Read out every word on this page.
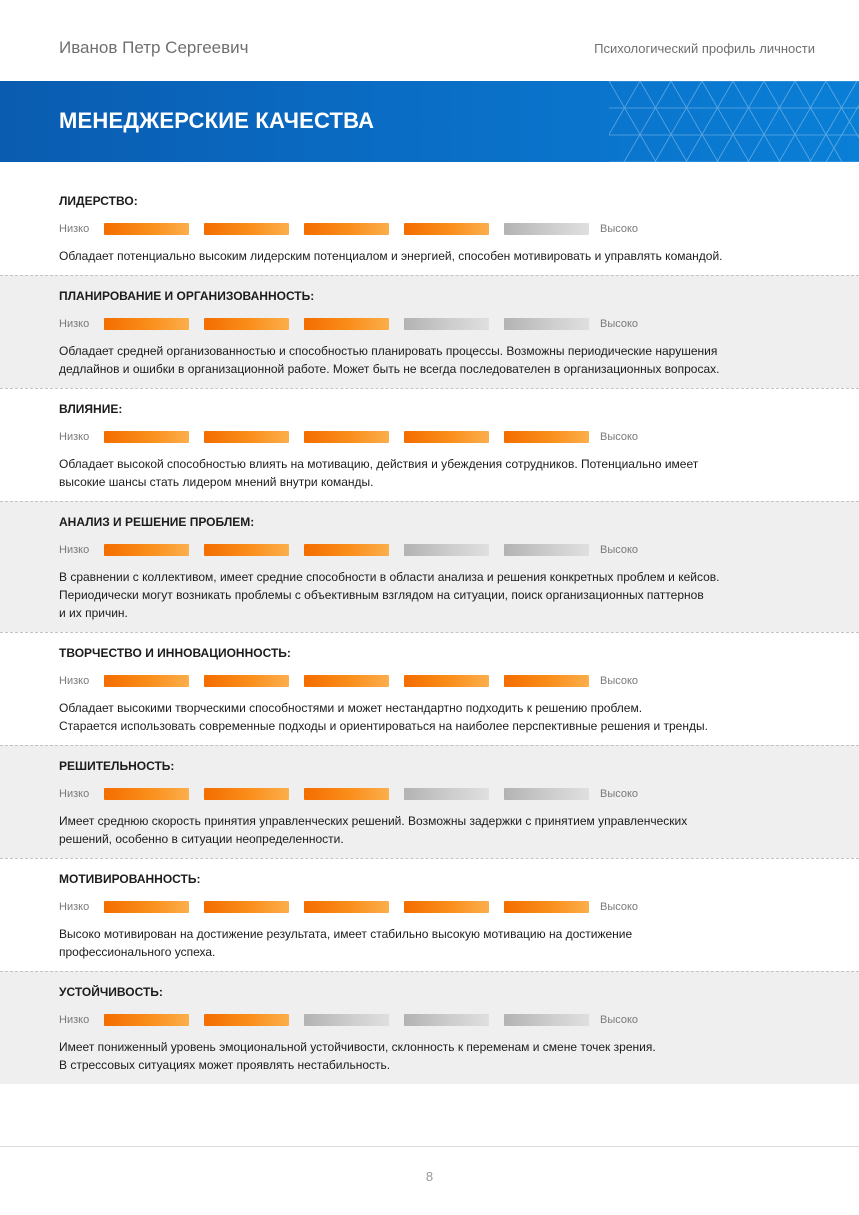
Иванов Петр Сергеевич	Психологический профиль личности
МЕНЕДЖЕРСКИЕ КАЧЕСТВА
ЛИДЕРСТВО:
Низко	Высоко
Обладает потенциально высоким лидерским потенциалом и энергией, способен мотивировать и управлять командой.
ПЛАНИРОВАНИЕ И ОРГАНИЗОВАННОСТЬ:
Низко	Высоко
Обладает средней организованностью и способностью планировать процессы. Возможны периодические нарушения
дедлайнов и ошибки в организационной работе. Может быть не всегда последователен в организационных вопросах.
ВЛИЯНИЕ:
Низко	Высоко
Обладает высокой способностью влиять на мотивацию, действия и убеждения сотрудников. Потенциально имеет
высокие шансы стать лидером мнений внутри команды.
АНАЛИЗ И РЕШЕНИЕ ПРОБЛЕМ:
Низко	Высоко
В сравнении с коллективом, имеет средние способности в области анализа и решения конкретных проблем и кейсов.
Периодически могут возникать проблемы с объективным взглядом на ситуации, поиск организационных паттернов
и их причин.
ТВОРЧЕСТВО И ИННОВАЦИОННОСТЬ:
Низко	Высоко
Обладает высокими творческими способностями и может нестандартно подходить к решению проблем.
Старается использовать современные подходы и ориентироваться на наиболее перспективные решения и тренды.
РЕШИТЕЛЬНОСТЬ:
Низко	Высоко
Имеет среднюю скорость принятия управленческих решений. Возможны задержки с принятием управленческих
решений, особенно в ситуации неопределенности.
МОТИВИРОВАННОСТЬ:
Низко	Высоко
Высоко мотивирован на достижение результата, имеет стабильно высокую мотивацию на достижение
профессионального успеха.
УСТОЙЧИВОСТЬ:
Низко	Высоко
Имеет пониженный уровень эмоциональной устойчивости, склонность к переменам и смене точек зрения.
В стрессовых ситуациях может проявлять нестабильность.
8
